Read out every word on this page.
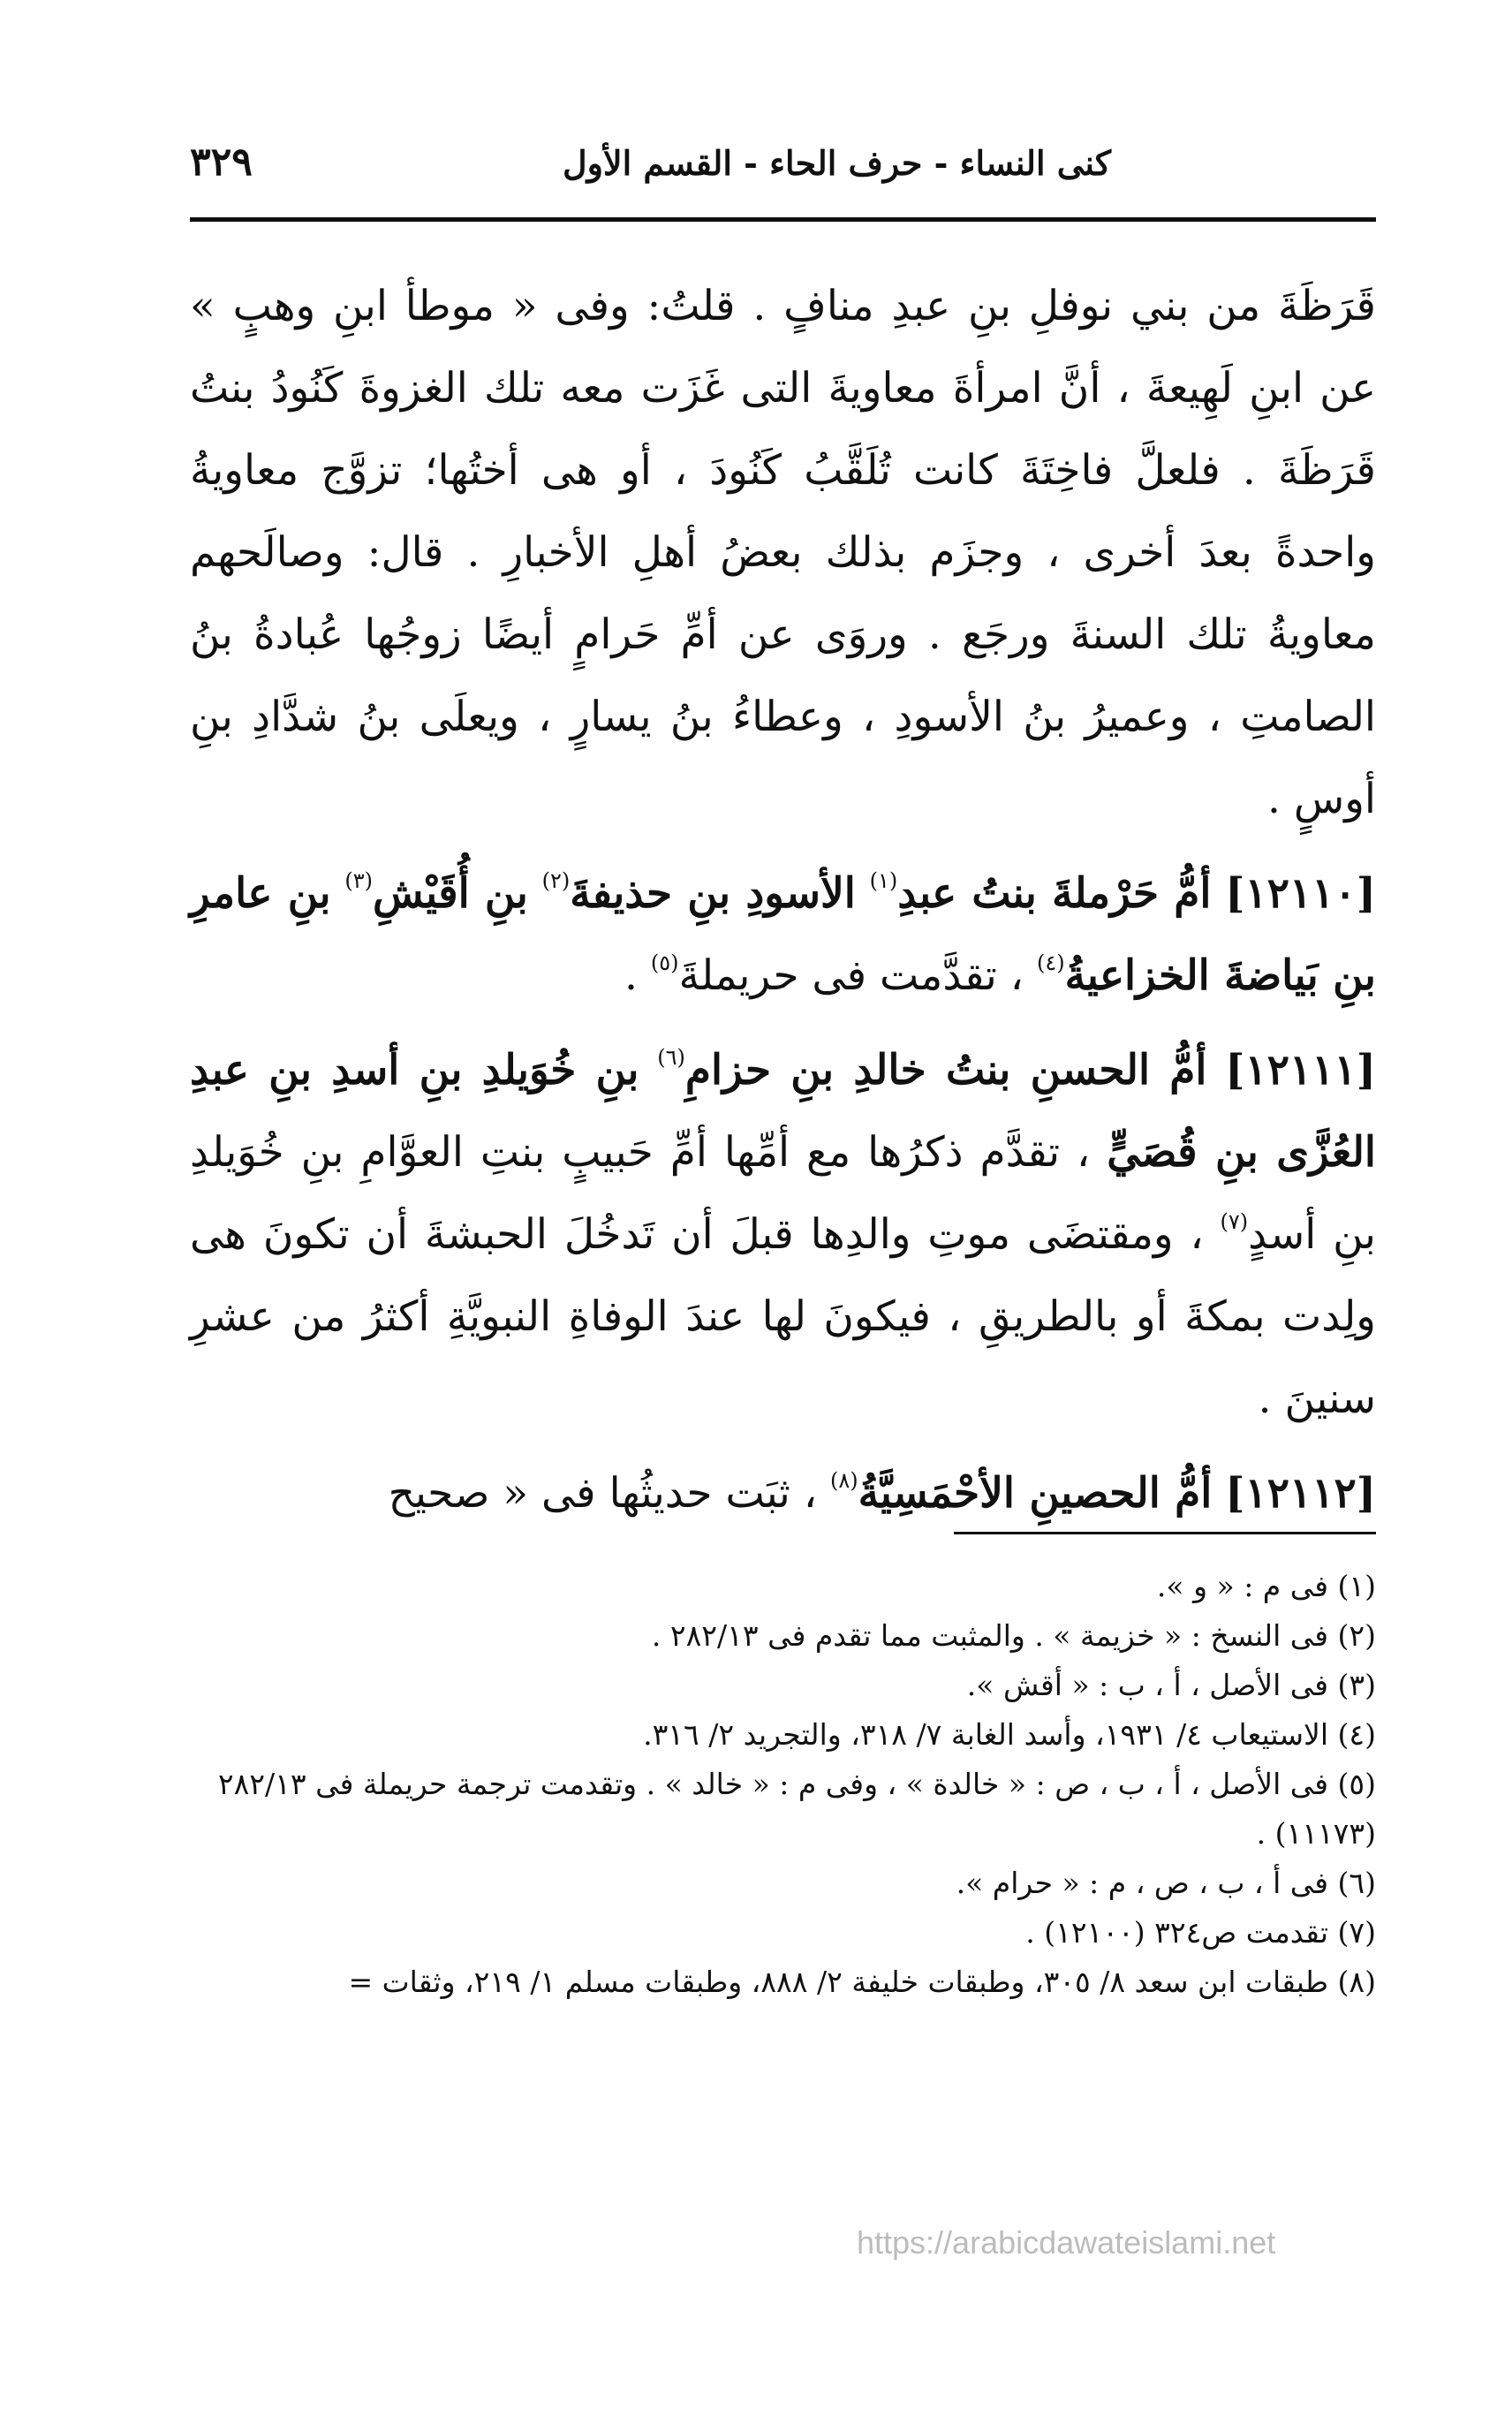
كنى النساء - حرف الحاء - القسم الأول
٣٢٩

قَرَظَةَ من بني نوفلِ بنِ عبدِ منافٍ . قلتُ: وفى « موطأ ابنِ وهبٍ » عن ابنِ لَهِيعةَ ، أنَّ امرأةَ معاويةَ التى غَزَت معه تلك الغزوةَ كَنُودُ بنتُ قَرَظَةَ . فلعلَّ فاخِتَةَ كانت تُلَقَّبُ كَنُودَ ، أو هى أختُها؛ تزوَّج معاويةُ واحدةً بعدَ أخرى ، وجزَم بذلك بعضُ أهلِ الأخبارِ . قال: وصالَحهم معاويةُ تلك السنةَ ورجَع . وروَى عن أمِّ حَرامٍ أيضًا زوجُها عُبادةُ بنُ الصامتِ ، وعميرُ بنُ الأسودِ ، وعطاءُ بنُ يسارٍ ، ويعلَى بنُ شدَّادِ بنِ أوسٍ .

[١٢١١٠] أمُّ حَرْملةَ بنتُ عبدِ$^{(١)}$ الأسودِ بنِ حذيفةَ$^{(٢)}$ بنِ أُقَيْشِ$^{(٣)}$ بنِ عامرِ بنِ بَياضةَ الخزاعيةُ$^{(٤)}$ ، تقدَّمت فى حريملةَ$^{(٥)}$ .

[١٢١١١] أمُّ الحسنِ بنتُ خالدِ بنِ حزامِ$^{(٦)}$ بنِ خُوَيلدِ بنِ أسدِ بنِ عبدِ العُزَّى بنِ قُصَيٍّ ، تقدَّم ذكرُها مع أمِّها أمِّ حَبيبٍ بنتِ العوَّامِ بنِ خُوَيلدِ بنِ أسدٍ$^{(٧)}$ ، ومقتضَى موتِ والدِها قبلَ أن تَدخُلَ الحبشةَ أن تكونَ هى ولِدت بمكةَ أو بالطريقِ ، فيكونَ لها عندَ الوفاةِ النبويَّةِ أكثرُ من عشرِ سنينَ .

[١٢١١٢] أمُّ الحصينِ الأحْمَسِيَّةُ$^{(٨)}$ ، ثبَت حديثُها فى « صحيح

(١) فى م : « و ».

(٢) فى النسخ : « خزيمة » . والمثبت مما تقدم فى ٢٨٢/١٣ .

(٣) فى الأصل ، أ ، ب : « أقش ».

(٤) الاستيعاب ٤/ ١٩٣١، وأسد الغابة ٧/ ٣١٨، والتجريد ٢/ ٣١٦.

(٥) فى الأصل ، أ ، ب ، ص : « خالدة » ، وفى م : « خالد » . وتقدمت ترجمة حريملة فى ٢٨٢/١٣ (١١١٧٣) .

(٦) فى أ ، ب ، ص ، م : « حرام ».

(٧) تقدمت ص٣٢٤ (١٢١٠٠) .

(٨) طبقات ابن سعد ٨/ ٣٠٥، وطبقات خليفة ٢/ ٨٨٨، وطبقات مسلم ١/ ٢١٩، وثقات =

https://arabicdawateislami.net
